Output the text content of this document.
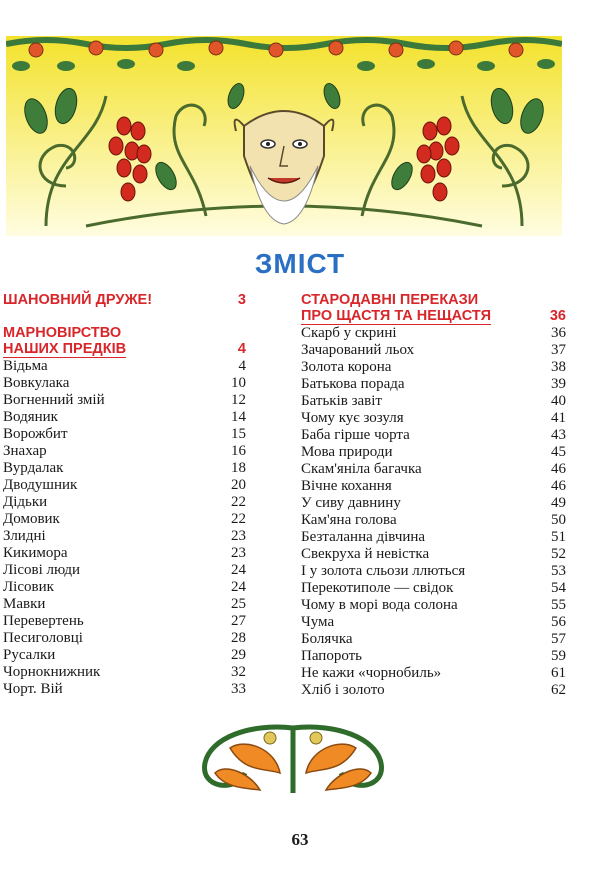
ЗМІСТ
ШАНОВНИЙ ДРУЖЕ!	3
МАРНОВІРСТВО
НАШИХ ПРЕДКІВ	4
Відьма	4
Вовкулака	10
Вогненний змій	12
Водяник	14
Ворожбит	15
Знахар	16
Вурдалак	18
Дводушник	20
Дідьки	22
Домовик	22
Злидні	23
Кикимора	23
Лісові люди	24
Лісовик	24
Мавки	25
Перевертень	27
Песиголовці	28
Русалки	29
Чорнокнижник	32
Чорт. Вій	33
СТАРОДАВНІ ПЕРЕКАЗИ
ПРО ЩАСТЯ ТА НЕЩАСТЯ	36
Скарб у скрині	36
Зачарований льох	37
Золота корона	38
Батькова порада	39
Батьків завіт	40
Чому кує зозуля	41
Баба гірше чорта	43
Мова природи	45
Скам'яніла багачка	46
Вічне кохання	46
У сиву давнину	49
Кам'яна голова	50
Безталанна дівчина	51
Свекруха й невістка	52
І у золота сльози ллються	53
Перекотиполе — свідок	54
Чому в морі вода солона	55
Чума	56
Болячка	57
Папороть	59
Не кажи «чорнобиль»	61
Хліб і золото	62
63
